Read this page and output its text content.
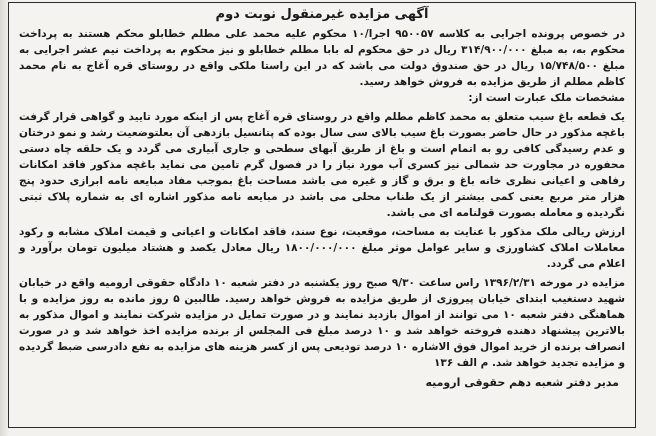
آگهی مزایده غیرمنقول نوبت دوم
در خصوص پرونده اجرایی به کلاسه ۹۵۰۰۵۷ اجرا/۱۰ محکوم علیه محمد علی مطلم خطابلو محکم هستند به پرداخت محکوم به، به مبلغ ۳۱۴/۹۰۰/۰۰۰ ریال در حق محکوم له بابا مطلم خطابلو و نیز محکوم به پرداخت نیم عشر اجرایی به مبلغ ۱۵/۷۴۸/۵۰۰ ریال در حق صندوق دولت می باشد که در این راستا ملکی واقع در روستای قره آغاج به نام محمد کاظم مطلم از طریق مزایده به فروش خواهد رسید.
مشخصات ملک عبارت است از:
یک قطعه باغ سیب متعلق به محمد کاظم مطلم واقع در روستای قره آغاج پس از اینکه مورد تایید و گواهی قرار گرفت باغچه مذکور در حال حاضر بصورت باغ سیب بالای سی سال بوده که پتانسیل بازدهی آن بعلتوضعیت رشد و نمو درختان و عدم رسیدگی کافی رو به اتمام است و باغ از طریق آبهای سطحی و جاری آبیاری می گردد و یک حلقه چاه دستی محفوره در مجاورت حد شمالی نیز کسری آب مورد نیاز را در فصول گرم تامین می نماید باغچه مذکور فاقد امکانات رفاهی و اعیانی نظری خانه باغ و برق و گاز و غیره می باشد مساحت باغ بموجب مفاد مبایعه نامه ابرازی حدود پنج هزار متر مربع یعنی کمی بیشتر از یک طناب محلی می باشد در مبایعه نامه مذکور اشاره ای به شماره پلاک ثبتی نگردیده و معامله بصورت قولنامه ای می باشد.
ارزش ریالی ملک مذکور با عنایت به مساحت، موقعیت، نوع سند، فاقد امکانات و اعیانی و قیمت املاک مشابه و رکود معاملات املاک کشاورزی و سایر عوامل موثر مبلغ ۱۸۰۰/۰۰۰/۰۰۰ ریال معادل یکصد و هشتاد میلیون تومان برآورد و اعلام می گردد.
مزایده در مورخه ۱۳۹۶/۲/۳۱ راس ساعت ۹/۳۰ صبح روز یکشنبه در دفتر شعبه ۱۰ دادگاه حقوقی ارومیه واقع در خیابان شهید دستغیب ابتدای خیابان پیروزی از طریق مزایده به فروش خواهد رسید. طالبین ۵ روز مانده به روز مزایده و با هماهنگی دفتر شعبه ۱۰ می توانند از اموال بازدید نمایند و در صورت تمایل در مزایده شرکت نمایند و اموال مذکور به بالاترین پیشنهاد دهنده فروخته خواهد شد و ۱۰ درصد مبلغ فی المجلس از برنده مزایده اخذ خواهد شد و در صورت انصراف برنده از خرید اموال فوق الاشاره ۱۰ درصد تودیعی پس از کسر هزینه های مزایده به نفع دادرسی ضبط گردیده و مزایده تجدید خواهد شد. م الف ۱۳۶
مدیر دفتر شعبه دهم حقوقی ارومیه
